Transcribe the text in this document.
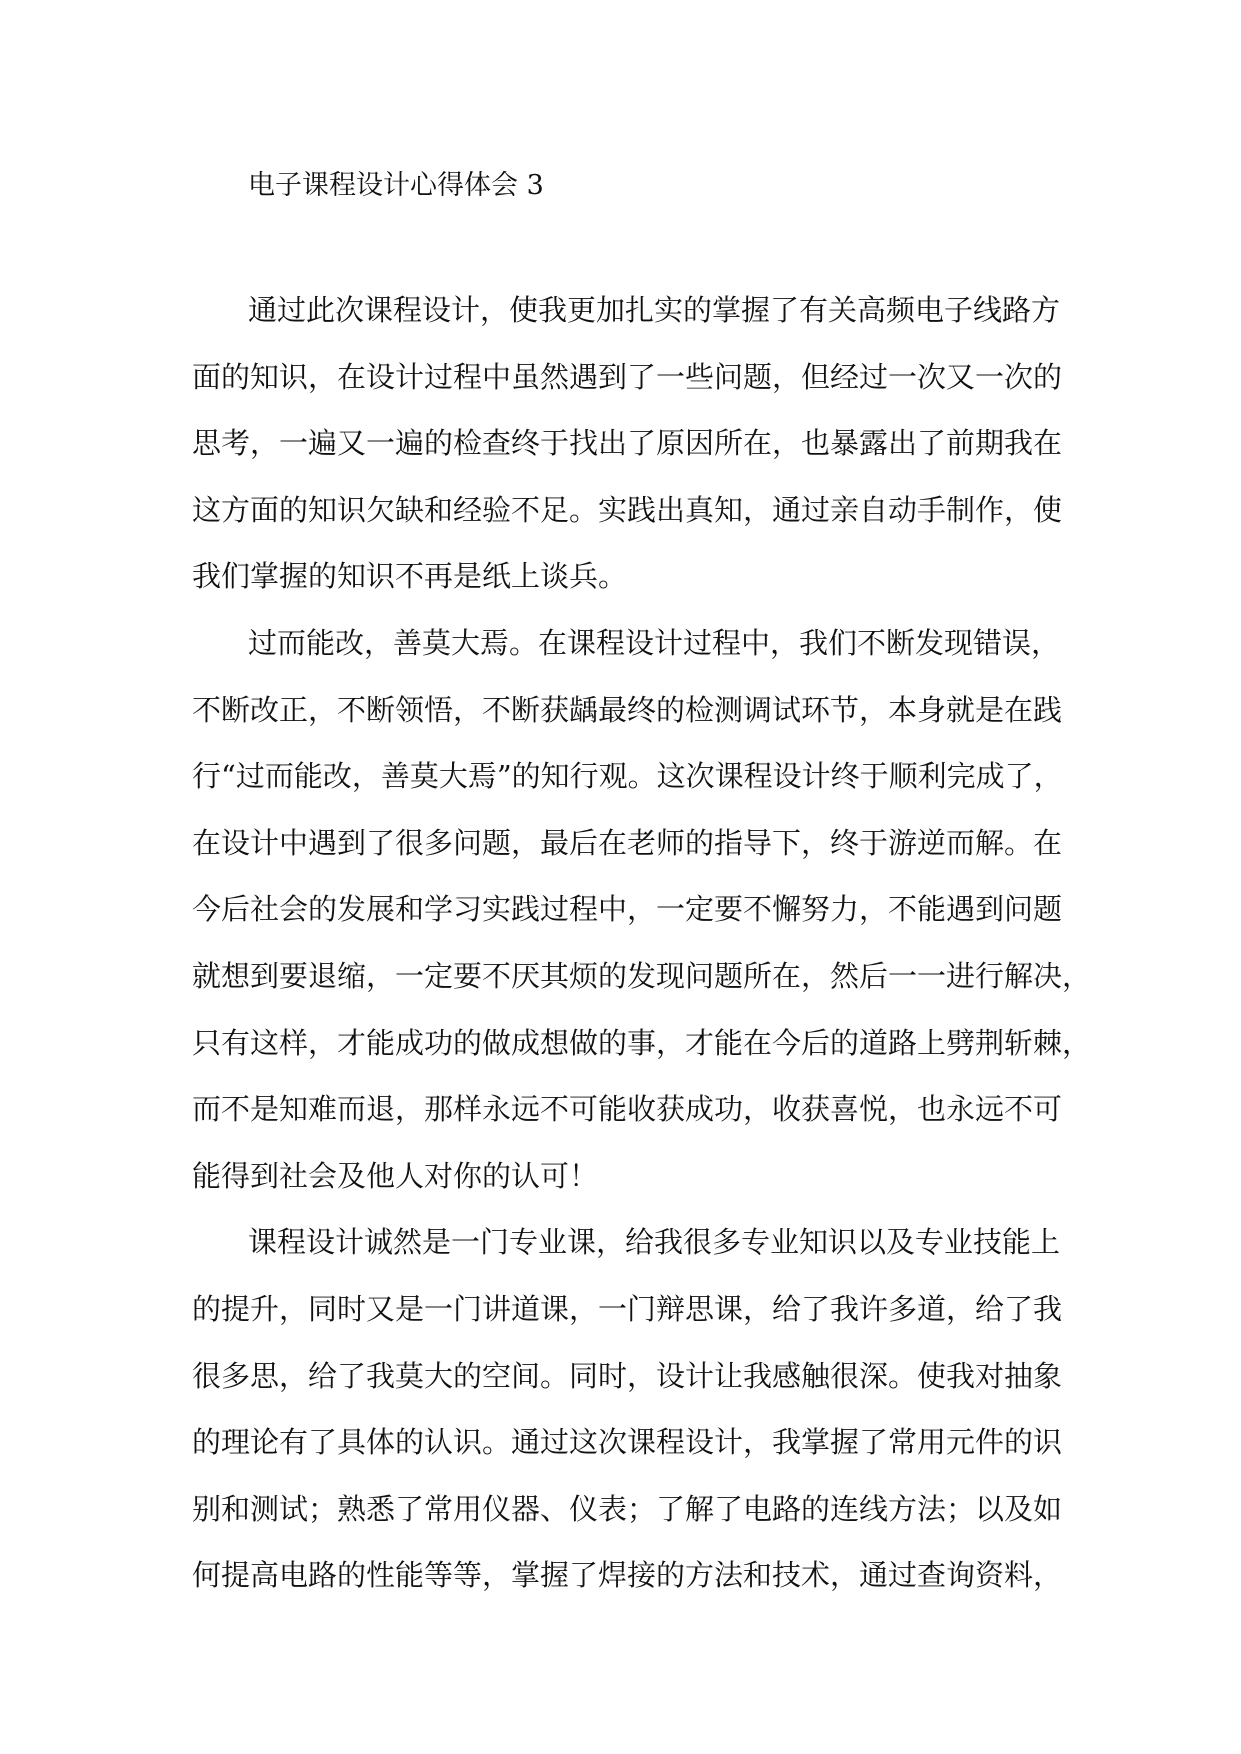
电子课程设计心得体会 3
通过此次课程设计，使我更加扎实的掌握了有关高频电子线路方
面的知识，在设计过程中虽然遇到了一些问题，但经过一次又一次的
思考，一遍又一遍的检查终于找出了原因所在，也暴露出了前期我在
这方面的知识欠缺和经验不足。实践出真知，通过亲自动手制作，使
我们掌握的知识不再是纸上谈兵。
过而能改，善莫大焉。在课程设计过程中，我们不断发现错误，
不断改正，不断领悟，不断获龋最终的检测调试环节，本身就是在践
行“过而能改，善莫大焉”的知行观。这次课程设计终于顺利完成了，
在设计中遇到了很多问题，最后在老师的指导下，终于游逆而解。在
今后社会的发展和学习实践过程中，一定要不懈努力，不能遇到问题
就想到要退缩，一定要不厌其烦的发现问题所在，然后一一进行解决，
只有这样，才能成功的做成想做的事，才能在今后的道路上劈荆斩棘，
而不是知难而退，那样永远不可能收获成功，收获喜悦，也永远不可
能得到社会及他人对你的认可！
课程设计诚然是一门专业课，给我很多专业知识以及专业技能上
的提升，同时又是一门讲道课，一门辩思课，给了我许多道，给了我
很多思，给了我莫大的空间。同时，设计让我感触很深。使我对抽象
的理论有了具体的认识。通过这次课程设计，我掌握了常用元件的识
别和测试；熟悉了常用仪器、仪表；了解了电路的连线方法；以及如
何提高电路的性能等等，掌握了焊接的方法和技术，通过查询资料，
